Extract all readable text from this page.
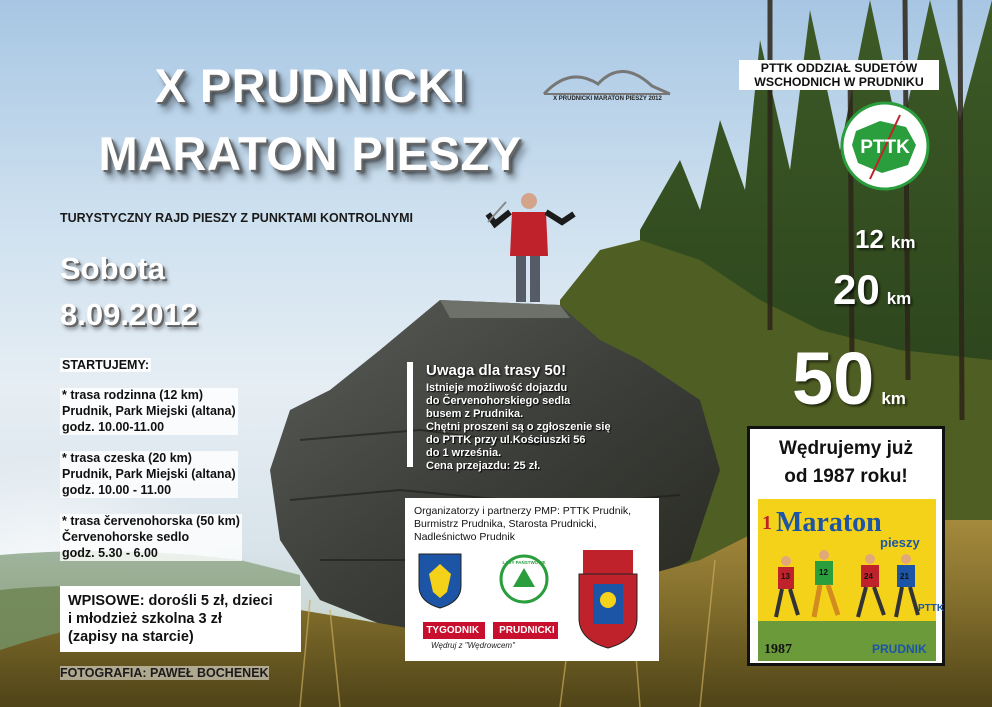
X PRUDNICKI
MARATON PIESZY
TURYSTYCZNY RAJD PIESZY Z PUNKTAMI KONTROLNYMI
Sobota
8.09.2012
X PRUDNICKI MARATON PIESZY 2012
PTTK ODDZIAŁ SUDETÓW
WSCHODNICH W PRUDNIKU
PTTK
12 km
20 km
50 km
STARTUJEMY:
* trasa rodzinna (12 km)
Prudnik, Park Miejski (altana)
godz. 10.00-11.00
* trasa czeska (20 km)
Prudnik, Park Miejski (altana)
godz. 10.00 - 11.00
* trasa červenohorska (50 km)
Červenohorske sedlo
godz. 5.30 - 6.00
WPISOWE: dorośli 5 zł, dzieci
i młodzież szkolna 3 zł
(zapisy na starcie)
FOTOGRAFIA: PAWEŁ BOCHENEK
Uwaga dla trasy 50!
Istnieje możliwość dojazdu
do Červenohorskiego sedla
busem z Prudnika.
Chętni proszeni są o zgłoszenie się
do PTTK przy ul.Kościuszki 56
do 1 września.
Cena przejazdu: 25 zł.
Organizatorzy i partnerzy PMP: PTTK Prudnik,
Burmistrz Prudnika, Starosta Prudnicki,
Nadleśnictwo Prudnik
LASY PAŃSTWOWE
TYGODNIK PRUDNICKI
Wędruj z "Wędrowcem"
Wędrujemy już
od 1987 roku!
1 Maraton
pieszy
13	12	24	21
PTTK
1987	PRUDNIK
